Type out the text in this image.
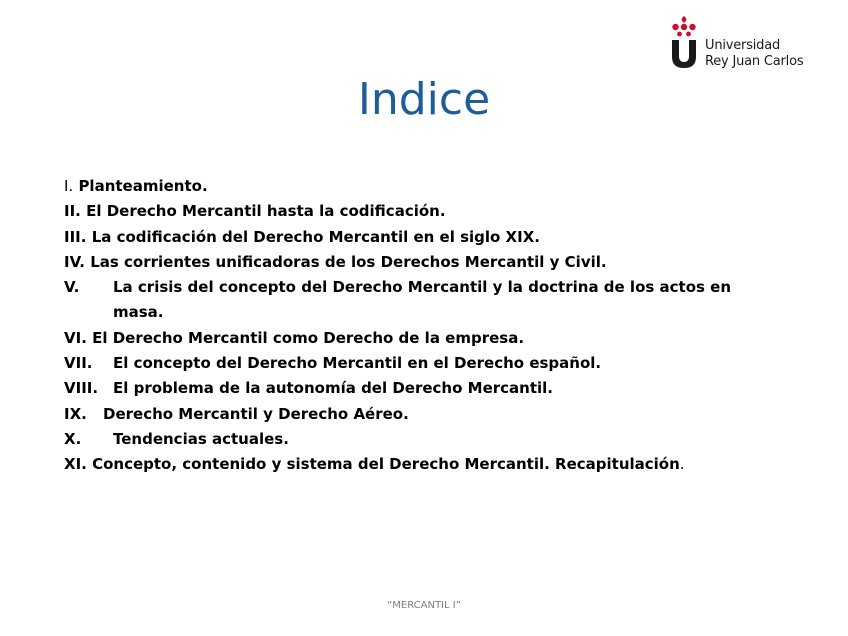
Universidad
Rey Juan Carlos
Indice
I. Planteamiento.
II. El Derecho Mercantil hasta la codificación.
III. La codificación del Derecho Mercantil en el siglo XIX.
IV. Las corrientes unificadoras de los Derechos Mercantil y Civil.
V. La crisis del concepto del Derecho Mercantil y la doctrina de los actos en masa.
VI. El Derecho Mercantil como Derecho de la empresa.
VII. El concepto del Derecho Mercantil en el Derecho español.
VIII. El problema de la autonomía del Derecho Mercantil.
IX. Derecho Mercantil y Derecho Aéreo.
X. Tendencias actuales.
XI. Concepto, contenido y sistema del Derecho Mercantil. Recapitulación.
“MERCANTIL I”
